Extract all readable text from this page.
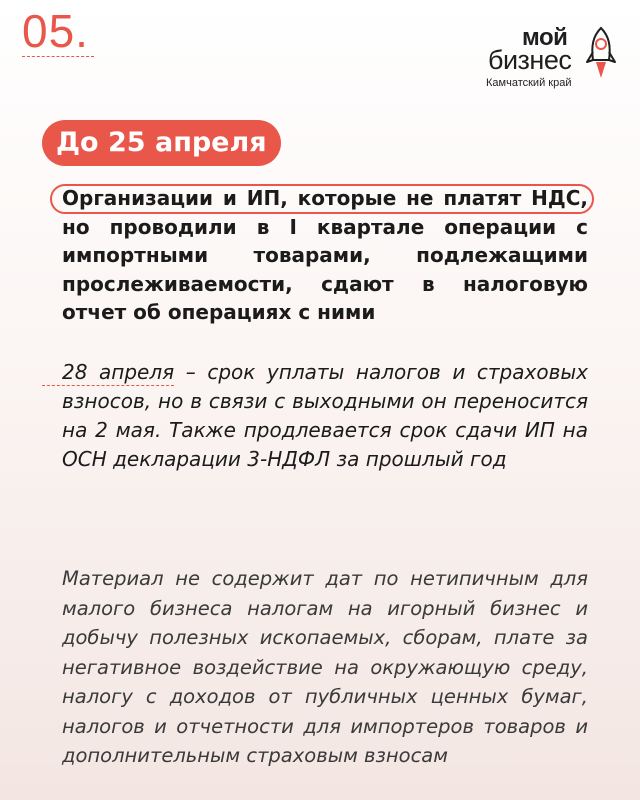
05.	мой
бизнес
Камчатский край
До 25 апреля
Организации и ИП, которые не платят НДС, но проводили в I квартале операции с импортными товарами, подлежащими прослеживаемости, сдают в налоговую отчет об операциях с ними
28 апреля – срок уплаты налогов и страховых взносов, но в связи с выходными он переносится на 2 мая. Также продлевается срок сдачи ИП на ОСН декларации 3-НДФЛ за прошлый год
Материал не содержит дат по нетипичным для малого бизнеса налогам на игорный бизнес и добычу полезных ископаемых, сборам, плате за негативное воздействие на окружающую среду, налогу с доходов от публичных ценных бумаг, налогов и отчетности для импортеров товаров и дополнительным страховым взносам
